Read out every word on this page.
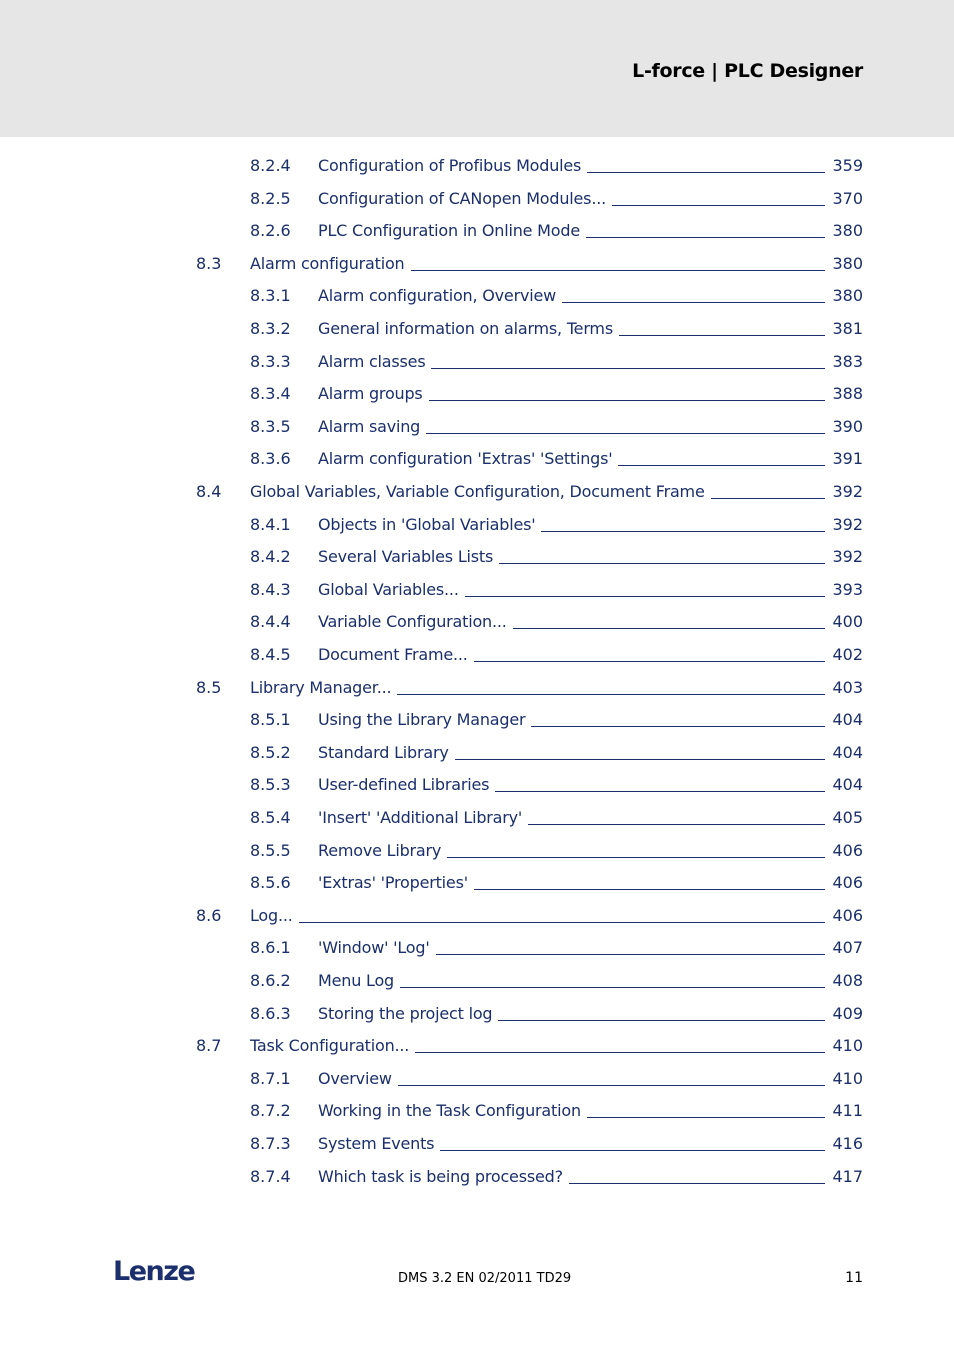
L-force | PLC Designer
8.2.4 Configuration of Profibus Modules	359
8.2.5 Configuration of CANopen Modules...	370
8.2.6 PLC Configuration in Online Mode	380
8.3 Alarm configuration	380
8.3.1 Alarm configuration, Overview	380
8.3.2 General information on alarms, Terms	381
8.3.3 Alarm classes	383
8.3.4 Alarm groups	388
8.3.5 Alarm saving	390
8.3.6 Alarm configuration 'Extras' 'Settings'	391
8.4 Global Variables, Variable Configuration, Document Frame	392
8.4.1 Objects in 'Global Variables'	392
8.4.2 Several Variables Lists	392
8.4.3 Global Variables...	393
8.4.4 Variable Configuration...	400
8.4.5 Document Frame...	402
8.5 Library Manager...	403
8.5.1 Using the Library Manager	404
8.5.2 Standard Library	404
8.5.3 User-defined Libraries	404
8.5.4 'Insert' 'Additional Library'	405
8.5.5 Remove Library	406
8.5.6 'Extras' 'Properties'	406
8.6 Log...	406
8.6.1 'Window' 'Log'	407
8.6.2 Menu Log	408
8.6.3 Storing the project log	409
8.7 Task Configuration...	410
8.7.1 Overview	410
8.7.2 Working in the Task Configuration	411
8.7.3 System Events	416
8.7.4 Which task is being processed?	417
Lenze	DMS 3.2 EN 02/2011 TD29	11
